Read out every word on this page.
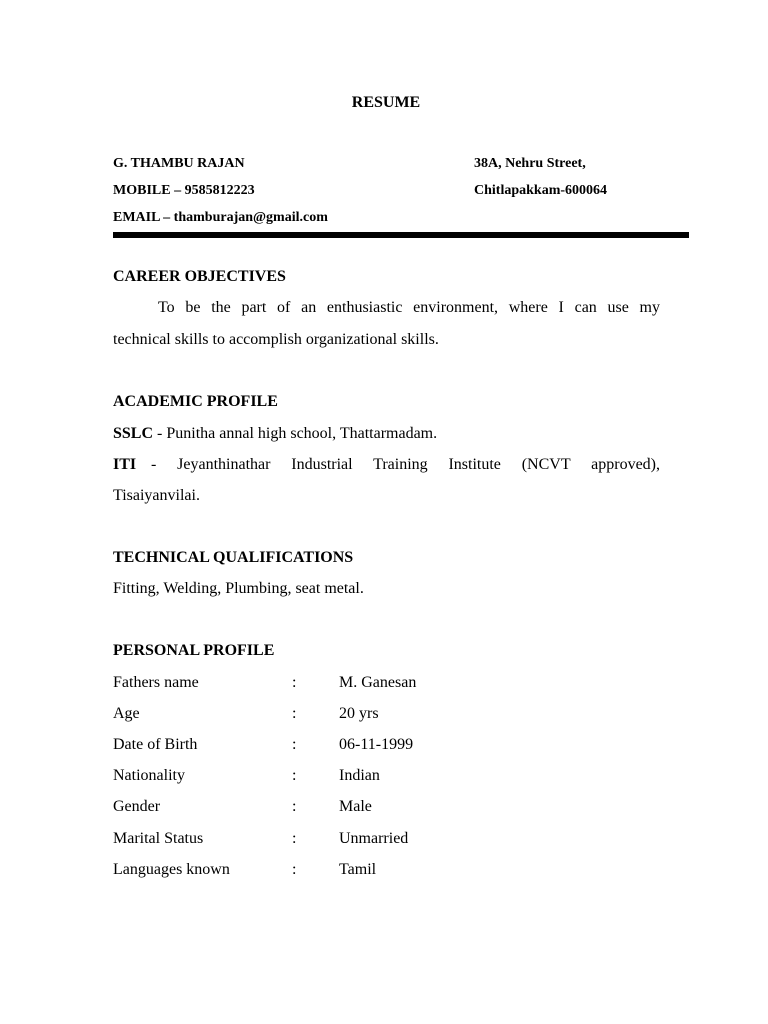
RESUME
G. THAMBU RAJAN
MOBILE – 9585812223
EMAIL – thamburajan@gmail.com
38A, Nehru Street,
Chitlapakkam-600064
CAREER OBJECTIVES
To be the part of an enthusiastic environment, where I can use my
technical skills to accomplish organizational skills.
ACADEMIC PROFILE
SSLC - Punitha annal high school, Thattarmadam.
ITI - Jeyanthinathar Industrial Training Institute (NCVT approved),
Tisaiyanvilai.
TECHNICAL QUALIFICATIONS
Fitting, Welding, Plumbing, seat metal.
PERSONAL PROFILE
Fathers name	:	M. Ganesan
Age	:	20 yrs
Date of Birth	:	06-11-1999
Nationality	:	Indian
Gender	:	Male
Marital Status	:	Unmarried
Languages known	:	Tamil
